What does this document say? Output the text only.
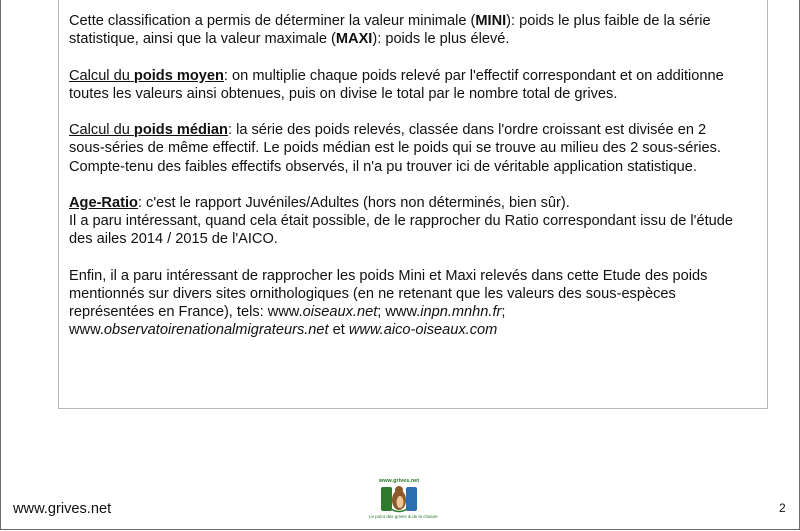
Cette classification a permis de déterminer la valeur minimale (MINI): poids le plus faible de la série statistique, ainsi que la valeur maximale (MAXI): poids le plus élevé.

Calcul du poids moyen: on multiplie chaque poids relevé par l'effectif correspondant et on additionne toutes les valeurs ainsi obtenues, puis on divise le total par le nombre total de grives.

Calcul du poids médian: la série des poids relevés, classée dans l'ordre croissant est divisée en 2 sous-séries de même effectif. Le poids médian est le poids qui se trouve au milieu des 2 sous-séries. Compte-tenu des faibles effectifs observés, il n'a pu trouver ici de véritable application statistique.

Age-Ratio: c'est le rapport Juvéniles/Adultes (hors non déterminés, bien sûr).
Il a paru intéressant, quand cela était possible, de le rapprocher du Ratio correspondant issu de l'étude des ailes 2014 / 2015 de l'AICO.

Enfin, il a paru intéressant de rapprocher les poids Mini et Maxi relevés dans cette Etude des poids mentionnés sur divers sites ornithologiques (en ne retenant que les valeurs des sous-espèces représentées en France), tels: www.oiseaux.net; www.inpn.mnhn.fr;
www.observatoirenationalmigrateurs.net et www.aico-oiseaux.com

www.grives.net
www.grives.net
Le point des grives & de la chasse
2
